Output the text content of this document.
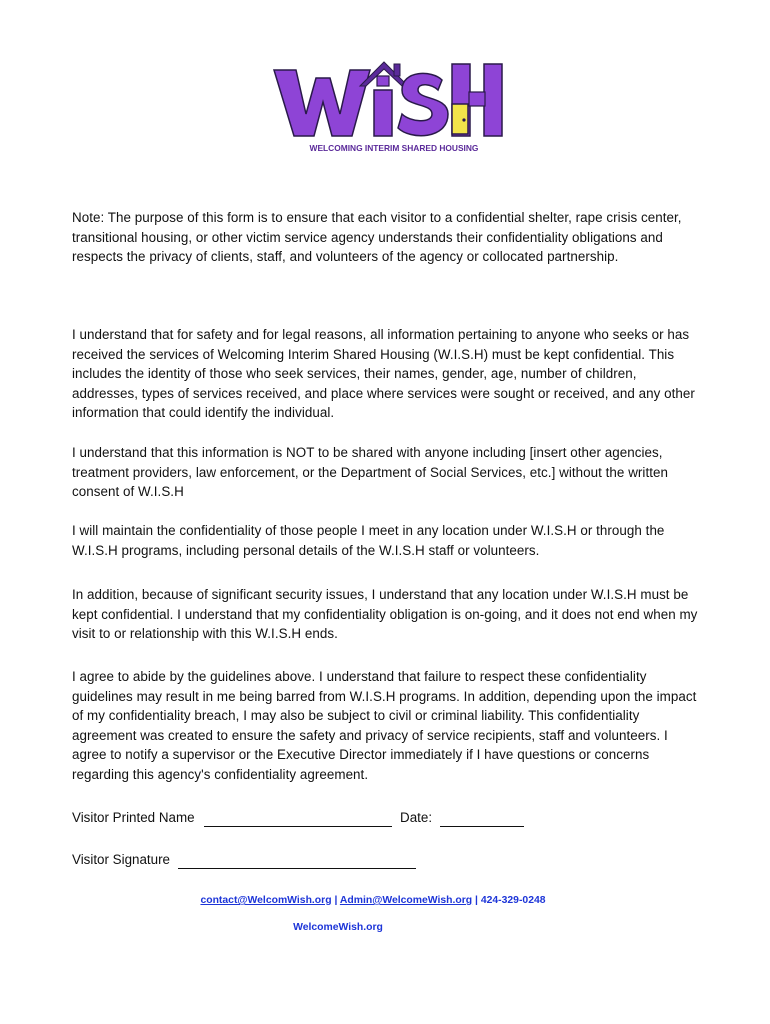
WELCOMING INTERIM SHARED HOUSING

Note: The purpose of this form is to ensure that each visitor to a confidential shelter, rape crisis center, transitional housing, or other victim service agency understands their confidentiality obligations and respects the privacy of clients, staff, and volunteers of the agency or collocated partnership.

I understand that for safety and for legal reasons, all information pertaining to anyone who seeks or has received the services of Welcoming Interim Shared Housing (W.I.S.H) must be kept confidential. This includes the identity of those who seek services, their names, gender, age, number of children, addresses, types of services received, and place where services were sought or received, and any other information that could identify the individual.

I understand that this information is NOT to be shared with anyone including [insert other agencies, treatment providers, law enforcement, or the Department of Social Services, etc.] without the written consent of W.I.S.H

I will maintain the confidentiality of those people I meet in any location under W.I.S.H or through the W.I.S.H programs, including personal details of the W.I.S.H staff or volunteers.

In addition, because of significant security issues, I understand that any location under W.I.S.H must be kept confidential. I understand that my confidentiality obligation is on-going, and it does not end when my visit to or relationship with this W.I.S.H ends.

I agree to abide by the guidelines above. I understand that failure to respect these confidentiality guidelines may result in me being barred from W.I.S.H programs. In addition, depending upon the impact of my confidentiality breach, I may also be subject to civil or criminal liability. This confidentiality agreement was created to ensure the safety and privacy of service recipients, staff and volunteers. I agree to notify a supervisor or the Executive Director immediately if I have questions or concerns regarding this agency's confidentiality agreement.

Visitor Printed Name	Date:
Visitor Signature
contact@WelcomWish.org | Admin@WelcomeWish.org | 424-329-0248
WelcomeWish.org
